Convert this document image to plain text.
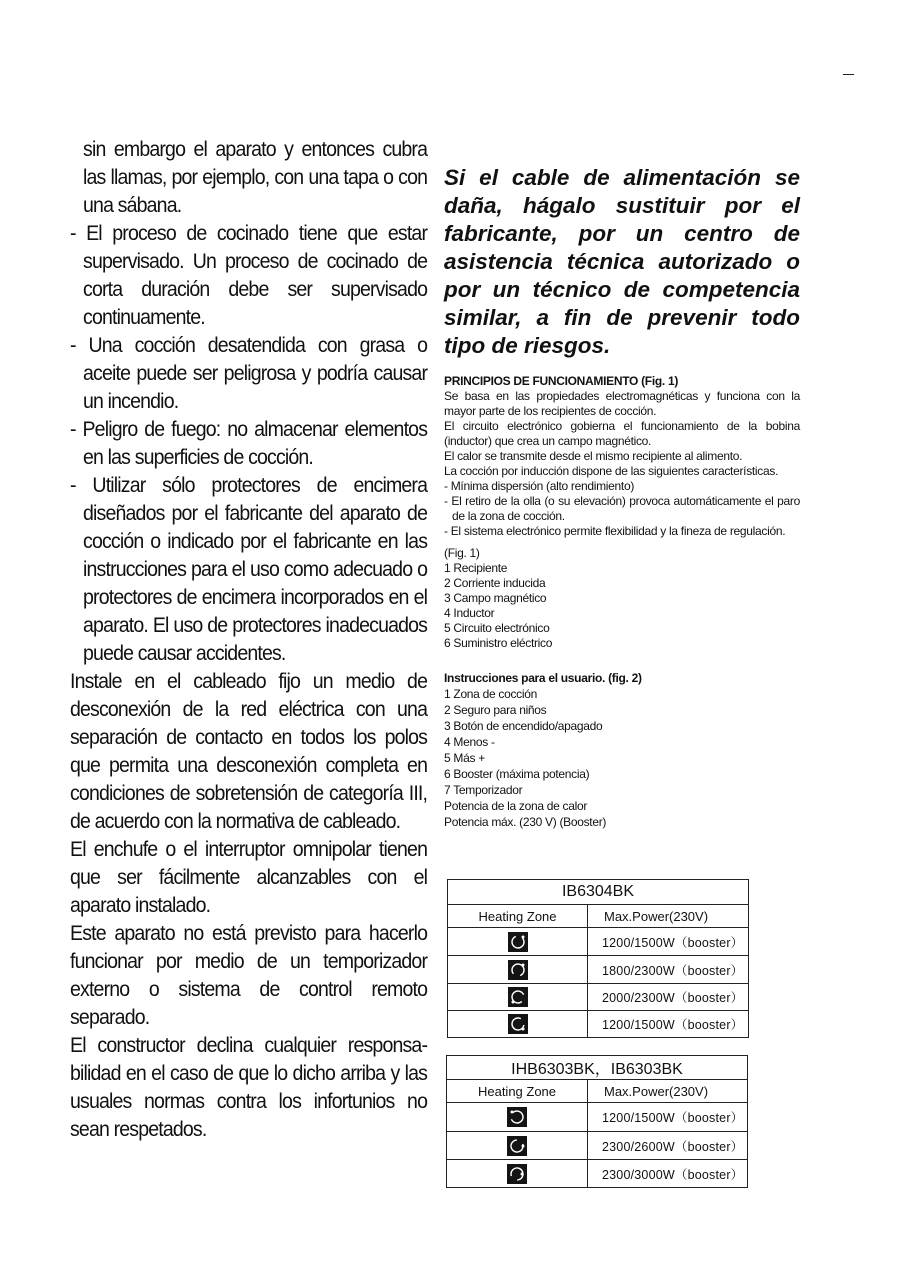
sin embargo el aparato y entonces cubra las llamas, por ejemplo, con una tapa o con una sábana.

- El proceso de cocinado tiene que estar supervisado. Un proceso de cocinado de corta duración debe ser supervisado continuamente.

- Una cocción desatendida con grasa o aceite puede ser peligrosa y podría causar un incendio.

- Peligro de fuego: no almacenar elementos en las superficies de cocción.

- Utilizar sólo protectores de encimera diseñados por el fabricante del aparato de cocción o indicado por el fabricante en las instrucciones para el uso como adecuado o protectores de encimera incorporados en el aparato. El uso de protectores inadecuados puede causar accidentes.

Instale en el cableado fijo un medio de desconexión de la red eléctrica con una separación de contacto en todos los polos que permita una desconexión completa en condiciones de sobretensión de categoría III, de acuerdo con la normativa de cableado.

El enchufe o el interruptor omnipolar tienen que ser fácilmente alcanzables con el aparato instalado.

Este aparato no está previsto para hacerlo funcionar por medio de un temporizador externo o sistema de control remoto separado.

El constructor declina cualquier responsa-bilidad en el caso de que lo dicho arriba y las usuales normas contra los infortunios no sean respetados.

Si el cable de alimentación se daña, hágalo sustituir por el fabricante, por un centro de asistencia técnica autorizado o por un técnico de competencia similar, a fin de prevenir todo tipo de riesgos.

PRINCIPIOS DE FUNCIONAMIENTO (Fig. 1)

Se basa en las propiedades electromagnéticas y funciona con la mayor parte de los recipientes de cocción.

El circuito electrónico gobierna el funcionamiento de la bobina (inductor) que crea un campo magnético.

El calor se transmite desde el mismo recipiente al alimento.

La cocción por inducción dispone de las siguientes características.

- Mínima dispersión (alto rendimiento)

- El retiro de la olla (o su elevación) provoca automáticamente el paro de la zona de cocción.

- El sistema electrónico permite flexibilidad y la fineza de regulación.

(Fig. 1)

1 Recipiente

2 Corriente inducida

3 Campo magnético

4 Inductor

5 Circuito electrónico

6 Suministro eléctrico

Instrucciones para el usuario. (fig. 2)

1 Zona de cocción

2 Seguro para niños

3 Botón de encendido/apagado

4 Menos -

5 Más +

6 Booster (máxima potencia)

7 Temporizador

Potencia de la zona de calor

Potencia máx. (230 V) (Booster)

IB6304BK	
Heating Zone	Max.Power(230V)

	1200/1500W（booster）

	1800/2300W（booster）

	2000/2300W（booster）

	1200/1500W（booster）
IHB6303BK，IB6303BK	
Heating Zone	Max.Power(230V)

	1200/1500W（booster）

	2300/2600W（booster）

	2300/3000W（booster）
